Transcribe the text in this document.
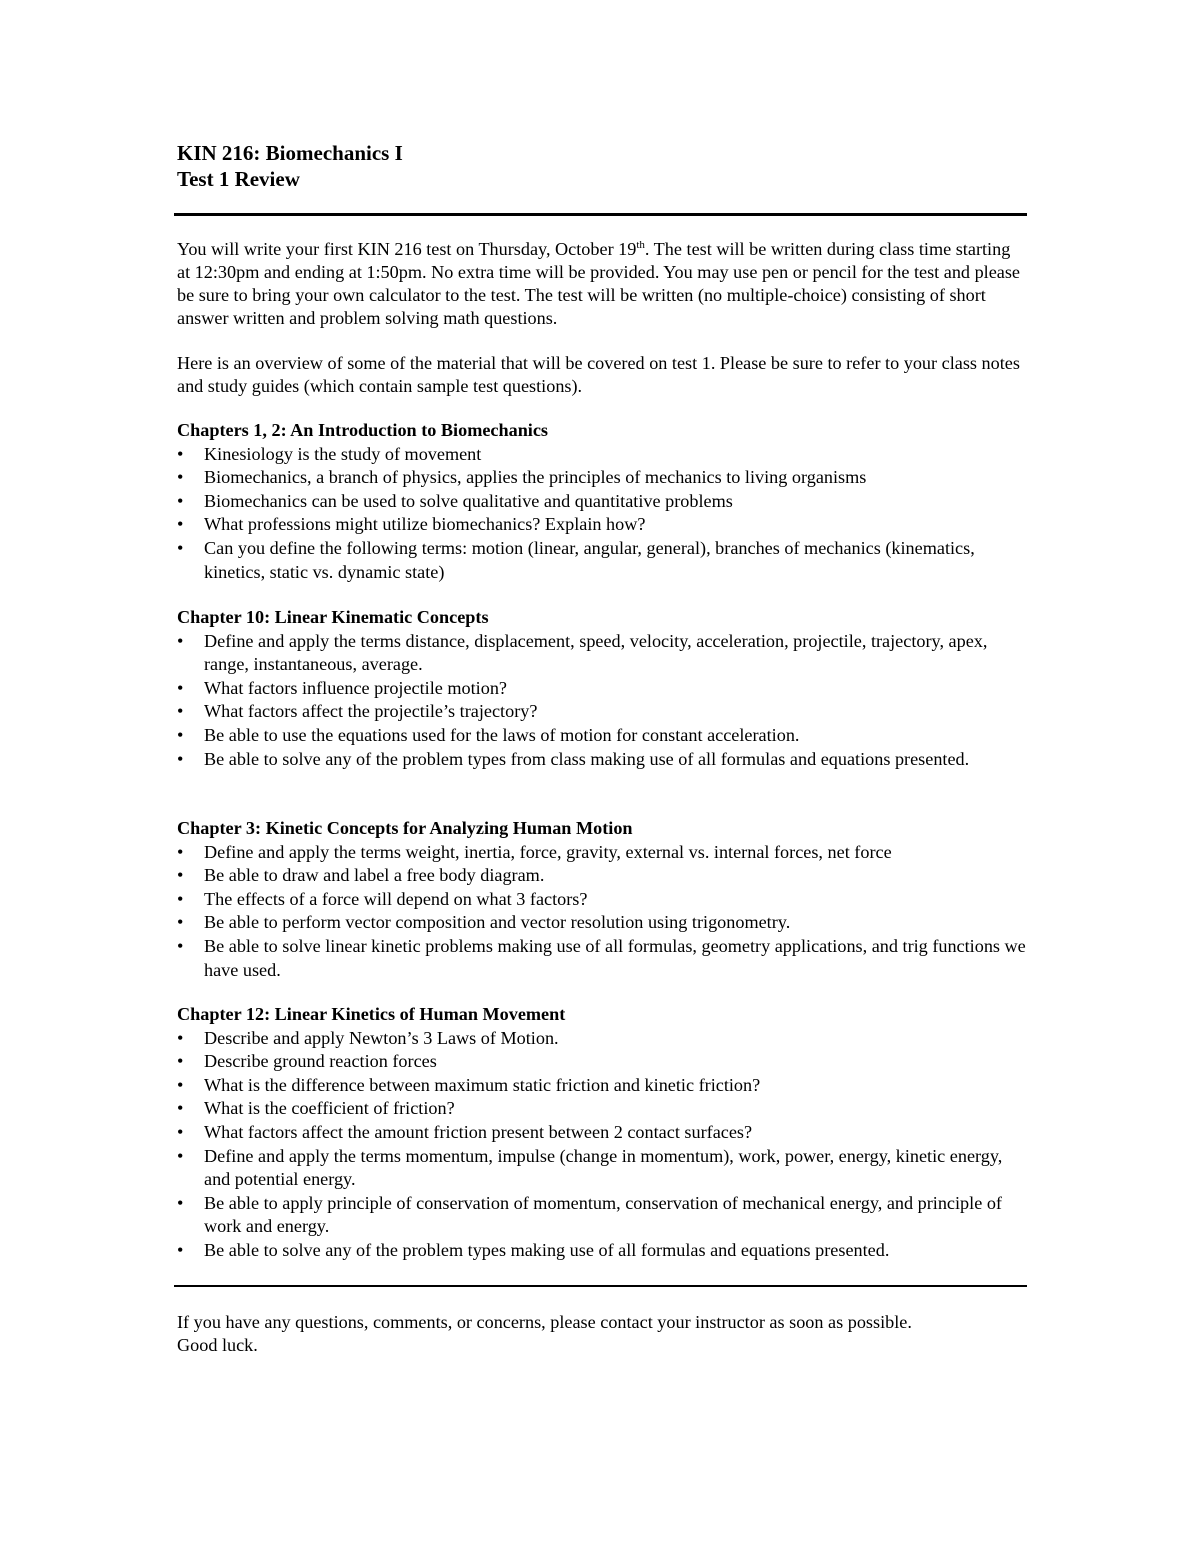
KIN 216: Biomechanics I
Test 1 Review

You will write your first KIN 216 test on Thursday, October 19th. The test will be written during class time starting at 12:30pm and ending at 1:50pm. No extra time will be provided. You may use pen or pencil for the test and please be sure to bring your own calculator to the test. The test will be written (no multiple-choice) consisting of short answer written and problem solving math questions.

Here is an overview of some of the material that will be covered on test 1. Please be sure to refer to your class notes and study guides (which contain sample test questions).

Chapters 1, 2: An Introduction to Biomechanics
• Kinesiology is the study of movement
• Biomechanics, a branch of physics, applies the principles of mechanics to living organisms
• Biomechanics can be used to solve qualitative and quantitative problems
• What professions might utilize biomechanics? Explain how?
• Can you define the following terms: motion (linear, angular, general), branches of mechanics (kinematics, kinetics, static vs. dynamic state)
Chapter 10: Linear Kinematic Concepts
• Define and apply the terms distance, displacement, speed, velocity, acceleration, projectile, trajectory, apex, range, instantaneous, average.
• What factors influence projectile motion?
• What factors affect the projectile’s trajectory?
• Be able to use the equations used for the laws of motion for constant acceleration.
• Be able to solve any of the problem types from class making use of all formulas and equations presented.
Chapter 3: Kinetic Concepts for Analyzing Human Motion
• Define and apply the terms weight, inertia, force, gravity, external vs. internal forces, net force
• Be able to draw and label a free body diagram.
• The effects of a force will depend on what 3 factors?
• Be able to perform vector composition and vector resolution using trigonometry.
• Be able to solve linear kinetic problems making use of all formulas, geometry applications, and trig functions we have used.
Chapter 12: Linear Kinetics of Human Movement
• Describe and apply Newton’s 3 Laws of Motion.
• Describe ground reaction forces
• What is the difference between maximum static friction and kinetic friction?
• What is the coefficient of friction?
• What factors affect the amount friction present between 2 contact surfaces?
• Define and apply the terms momentum, impulse (change in momentum), work, power, energy, kinetic energy, and potential energy.
• Be able to apply principle of conservation of momentum, conservation of mechanical energy, and principle of work and energy.
• Be able to solve any of the problem types making use of all formulas and equations presented.
If you have any questions, comments, or concerns, please contact your instructor as soon as possible.
Good luck.
